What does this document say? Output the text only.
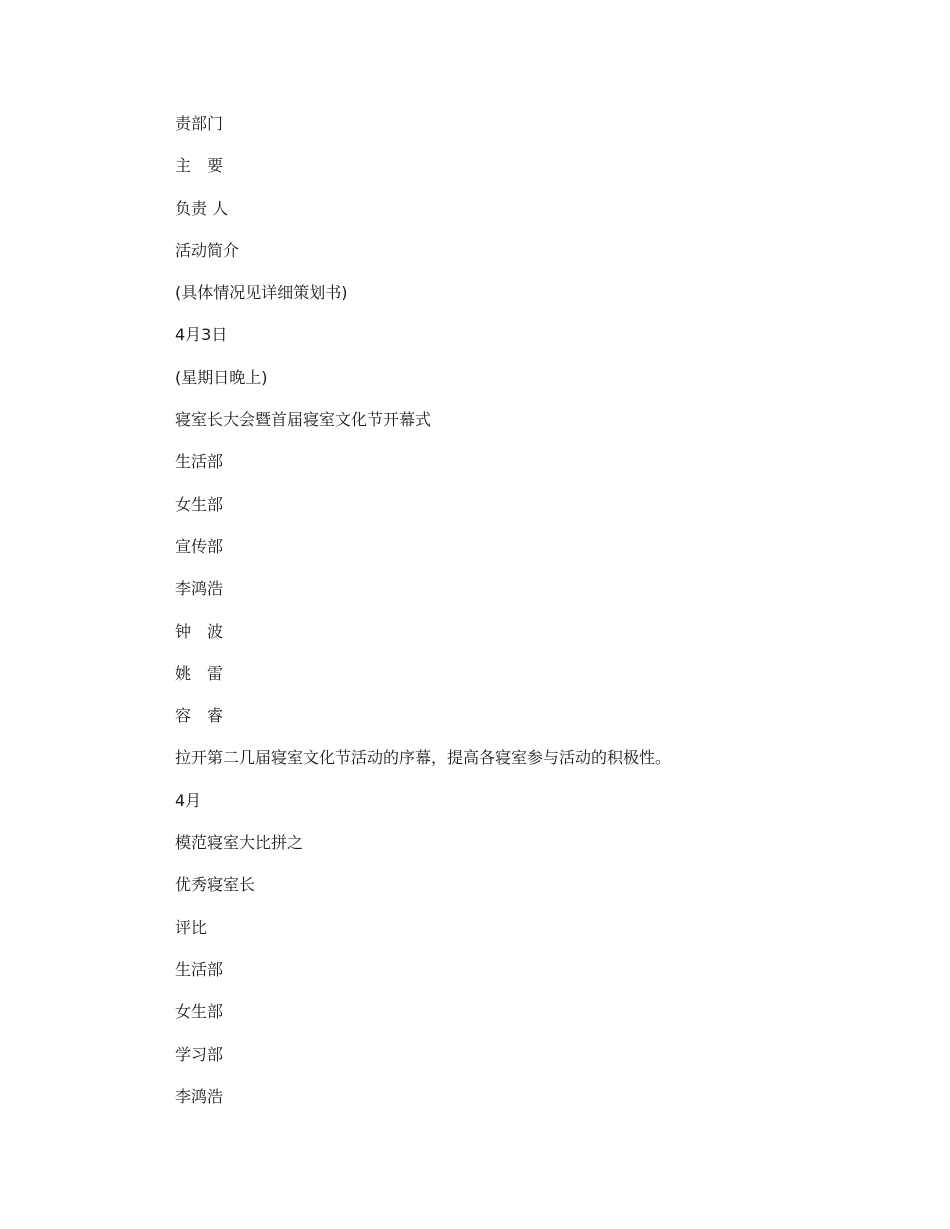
责部门
主　要
负责 人
活动简介
(具体情况见详细策划书)
4月3日
(星期日晚上)
寝室长大会暨首届寝室文化节开幕式
生活部
女生部
宣传部
李鸿浩
钟　波
姚　雷
容　睿
拉开第二几届寝室文化节活动的序幕，提高各寝室参与活动的积极性。
4月
模范寝室大比拼之
优秀寝室长
评比
生活部
女生部
学习部
李鸿浩
